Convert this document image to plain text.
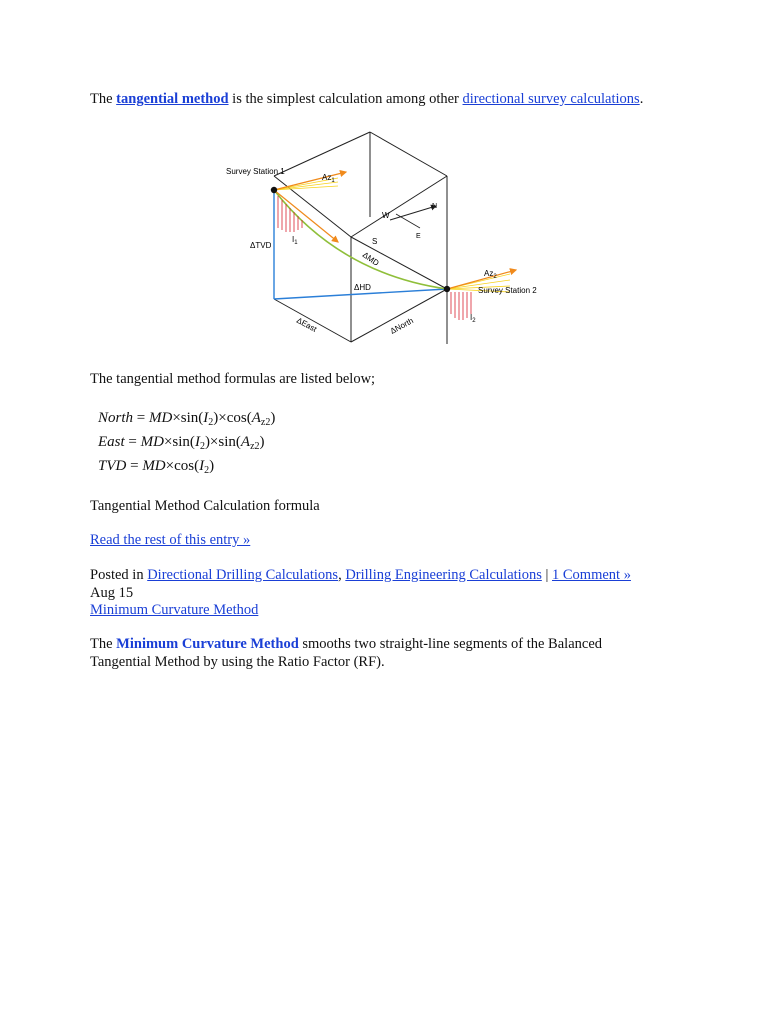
The tangential method is the simplest calculation among other directional survey calculations.

Survey Station 1
Survey Station 2
$Az_1$
$Az_2$
$I_1$
$I_2$
ΔTVD
ΔMD
ΔHD
ΔEast	ΔNorth
W
N
S
E

The tangential method formulas are listed below;

North = $MD\times\sin(I_2)\times\cos(A_{z2})$
East = $MD\times\sin(I_2)\times\sin(A_{z2})$
TVD = $MD\times\cos(I_2)$

Tangential Method Calculation formula

Read the rest of this entry »

Posted in Directional Drilling Calculations, Drilling Engineering Calculations | 1 Comment »

Aug 15

Minimum Curvature Method

The Minimum Curvature Method smooths two straight-line segments of the Balanced Tangential Method by using the Ratio Factor (RF).
